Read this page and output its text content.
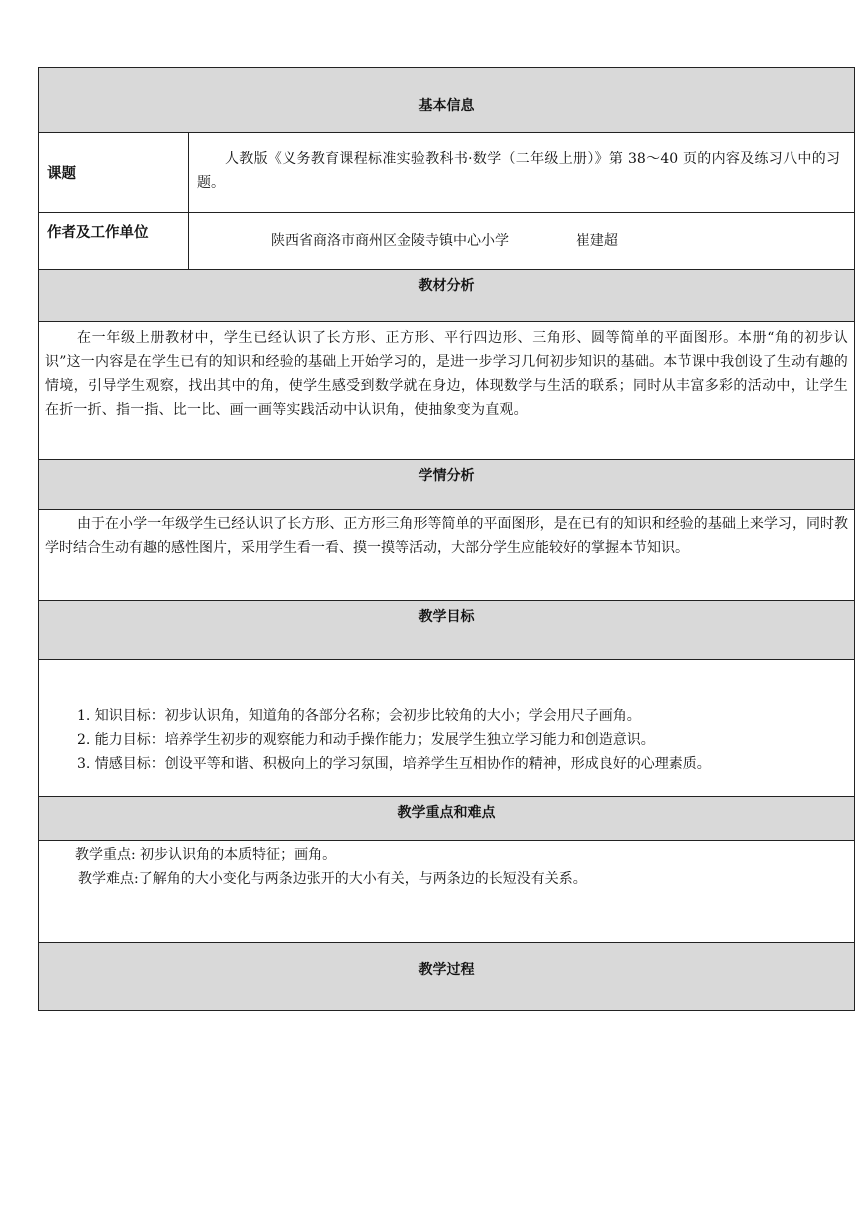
基本信息	
课题	人教版《义务教育课程标准实验教科书·数学（二年级上册）》第 38～40 页的内容及练习八中的习题。

作者及工作单位	陕西省商洛市商州区金陵寺镇中心小学 崔建超
教材分析	

在一年级上册教材中，学生已经认识了长方形、正方形、平行四边形、三角形、圆等简单的平面图形。本册“角的初步认识”这一内容是在学生已有的知识和经验的基础上开始学习的，是进一步学习几何初步知识的基础。本节课中我创设了生动有趣的情境，引导学生观察，找出其中的角，使学生感受到数学就在身边，体现数学与生活的联系；同时从丰富多彩的活动中，让学生在折一折、指一指、比一比、画一画等实践活动中认识角，使抽象变为直观。	

学情分析	

由于在小学一年级学生已经认识了长方形、正方形三角形等简单的平面图形，是在已有的知识和经验的基础上来学习，同时教学时结合生动有趣的感性图片，采用学生看一看、摸一摸等活动，大部分学生应能较好的掌握本节知识。	

教学目标	

1. 知识目标：初步认识角，知道角的各部分名称；会初步比较角的大小；学会用尺子画角。
2. 能力目标：培养学生初步的观察能力和动手操作能力；发展学生独立学习能力和创造意识。
3. 情感目标：创设平等和谐、积极向上的学习氛围，培养学生互相协作的精神，形成良好的心理素质。	

教学重点和难点	

教学重点: 初步认识角的本质特征；画角。
教学难点:了解角的大小变化与两条边张开的大小有关，与两条边的长短没有关系。	

教学过程	
